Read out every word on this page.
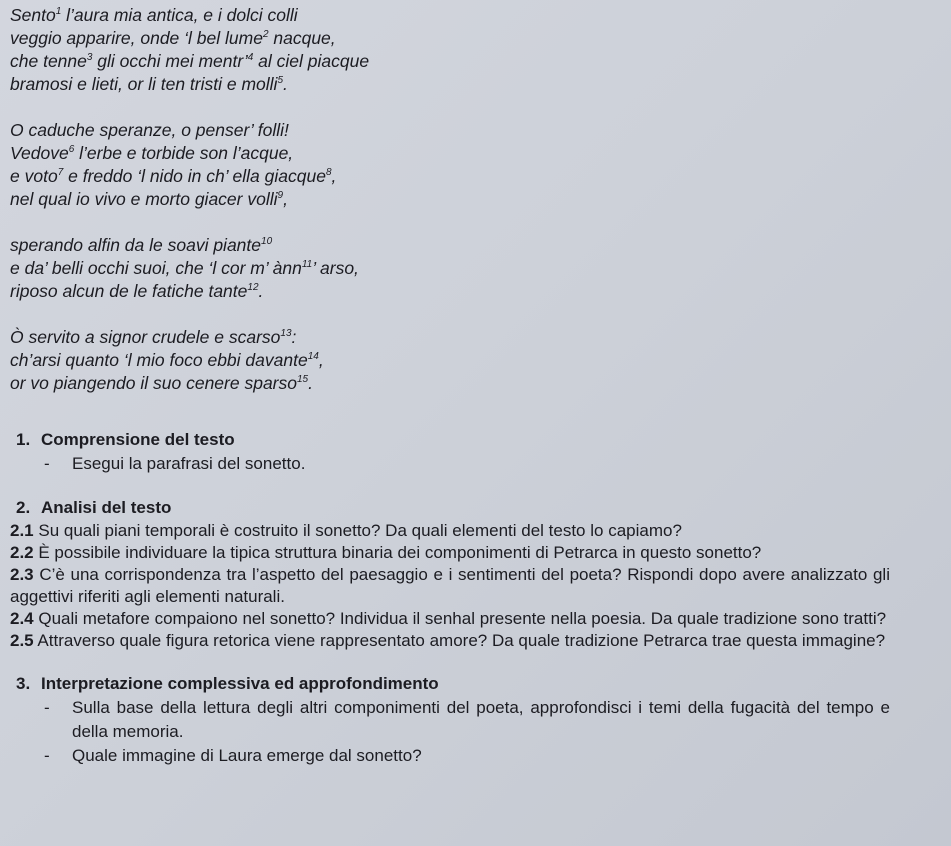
Sento$^1$ l’aura mia antica, e i dolci colli
veggio apparire, onde ‘l bel lume$^2$ nacque,
che tenne$^3$ gli occhi mei mentr’$^4$ al ciel piacque
bramosi e lieti, or li ten tristi e molli$^5$.
O caduche speranze, o penser’ folli!
Vedove$^6$ l’erbe e torbide son l’acque,
e voto$^7$ e freddo ‘l nido in ch’ ella giacque$^8$,
nel qual io vivo e morto giacer volli$^9$,
sperando alfin da le soavi piante$^{10}$
e da’ belli occhi suoi, che ‘l cor m’ ànn$^{11}$’ arso,
riposo alcun de le fatiche tante$^{12}$.
Ò servito a signor crudele e scarso$^{13}$:
ch’arsi quanto ‘l mio foco ebbi davante$^{14}$,
or vo piangendo il suo cenere sparso$^{15}$.
1. Comprensione del testo
-	Esegui la parafrasi del sonetto.
2. Analisi del testo
2.1 Su quali piani temporali è costruito il sonetto? Da quali elementi del testo lo capiamo?
2.2 È possibile individuare la tipica struttura binaria dei componimenti di Petrarca in questo sonetto?
2.3 C’è una corrispondenza tra l’aspetto del paesaggio e i sentimenti del poeta? Rispondi dopo avere analizzato gli aggettivi riferiti agli elementi naturali.
2.4 Quali metafore compaiono nel sonetto? Individua il senhal presente nella poesia. Da quale tradizione sono tratti?
2.5 Attraverso quale figura retorica viene rappresentato amore? Da quale tradizione Petrarca trae questa immagine?
3. Interpretazione complessiva ed approfondimento
-	Sulla base della lettura degli altri componimenti del poeta, approfondisci i temi della fugacità del tempo e della memoria.
-	Quale immagine di Laura emerge dal sonetto?
